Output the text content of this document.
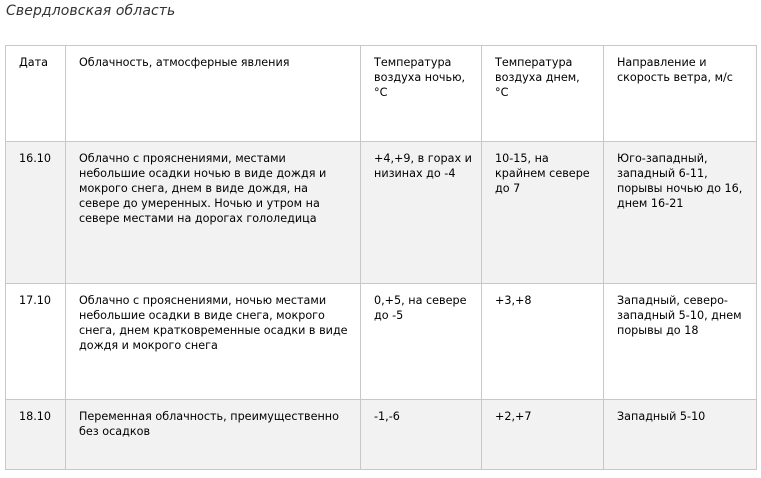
Свердловская область
Дата	Облачность, атмосферные явления	Температура воздуха ночью, °С	Температура воздуха днем, °С	Направление и скорость ветра, м/с
16.10	Облачно с прояснениями, местами небольшие осадки ночью в виде дождя и мокрого снега, днем в виде дождя, на севере до умеренных. Ночью и утром на севере местами на дорогах гололедица	+4,+9, в горах и низинах до -4	10-15, на крайнем севере до 7	Юго-западный, западный 6-11, порывы ночью до 16, днем 16-21
17.10	Облачно с прояснениями, ночью местами небольшие осадки в виде снега, мокрого снега, днем кратковременные осадки в виде дождя и мокрого снега	0,+5, на севере до -5	+3,+8	Западный, северо-западный 5-10, днем порывы до 18
18.10	Переменная облачность, преимущественно без осадков	-1,-6	+2,+7	Западный 5-10
